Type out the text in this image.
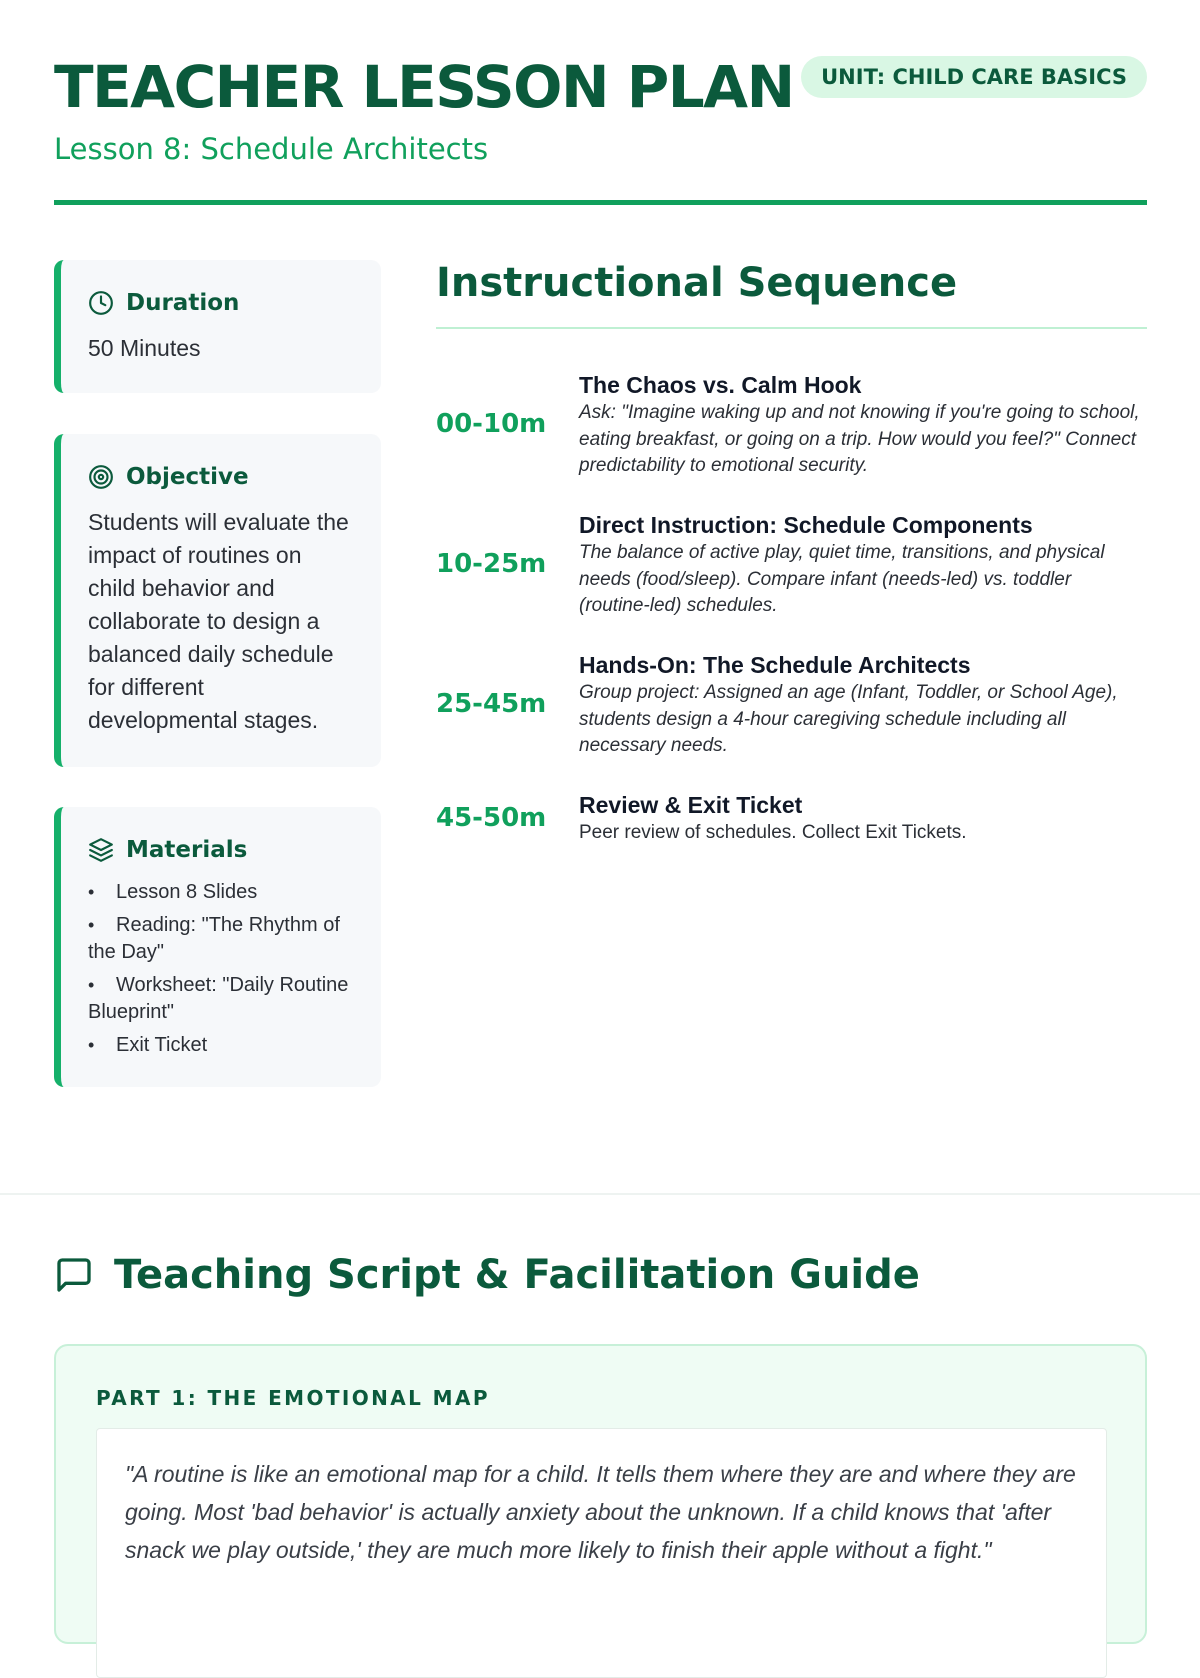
TEACHER LESSON PLAN	UNIT: CHILD CARE BASICS
Lesson 8: Schedule Architects
Duration
50 Minutes
Objective
Students will evaluate the impact of routines on child behavior and collaborate to design a balanced daily schedule for different developmental stages.
Materials
• Lesson 8 Slides
• Reading: "The Rhythm of the Day"
• Worksheet: "Daily Routine Blueprint"
• Exit Ticket
Instructional Sequence
00-10m
The Chaos vs. Calm Hook
Ask: "Imagine waking up and not knowing if you're going to school, eating breakfast, or going on a trip. How would you feel?" Connect predictability to emotional security.
10-25m
Direct Instruction: Schedule Components
The balance of active play, quiet time, transitions, and physical needs (food/sleep). Compare infant (needs-led) vs. toddler (routine-led) schedules.
25-45m
Hands-On: The Schedule Architects
Group project: Assigned an age (Infant, Toddler, or School Age), students design a 4-hour caregiving schedule including all necessary needs.
45-50m Review & Exit Ticket
Peer review of schedules. Collect Exit Tickets.
Teaching Script & Facilitation Guide
PART 1: THE EMOTIONAL MAP
"A routine is like an emotional map for a child. It tells them where they are and where they are going. Most 'bad behavior' is actually anxiety about the unknown. If a child knows that 'after snack we play outside,' they are much more likely to finish their apple without a fight."
